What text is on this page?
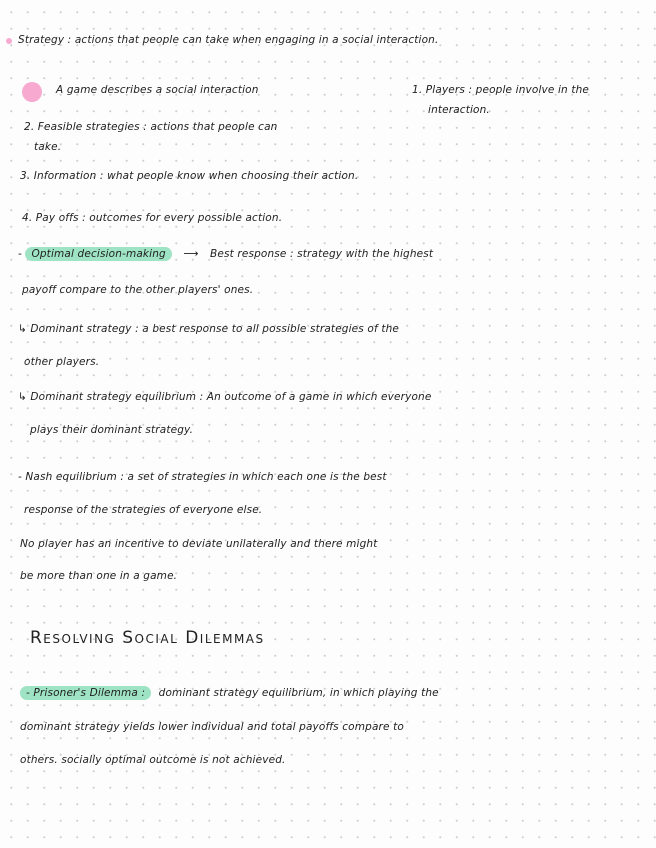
Strategy : actions that people can take when engaging in a social interaction.
A game describes a social interaction	1. Players : people involve in the
interaction.
2. Feasible strategies : actions that people can
take.
3. Information : what people know when choosing their action.
4. Pay offs : outcomes for every possible action.
- Optimal decision-making ⟶ Best response : strategy with the highest
payoff compare to the other players' ones.
↳ Dominant strategy : a best response to all possible strategies of the
other players.
↳ Dominant strategy equilibrium : An outcome of a game in which everyone
plays their dominant strategy.
- Nash equilibrium : a set of strategies in which each one is the best
response of the strategies of everyone else.
No player has an incentive to deviate unilaterally and there might
be more than one in a game.
Resolving Social Dilemmas
- Prisoner's Dilemma : dominant strategy equilibrium, in which playing the
dominant strategy yields lower individual and total payoffs compare to
others. socially optimal outcome is not achieved.
